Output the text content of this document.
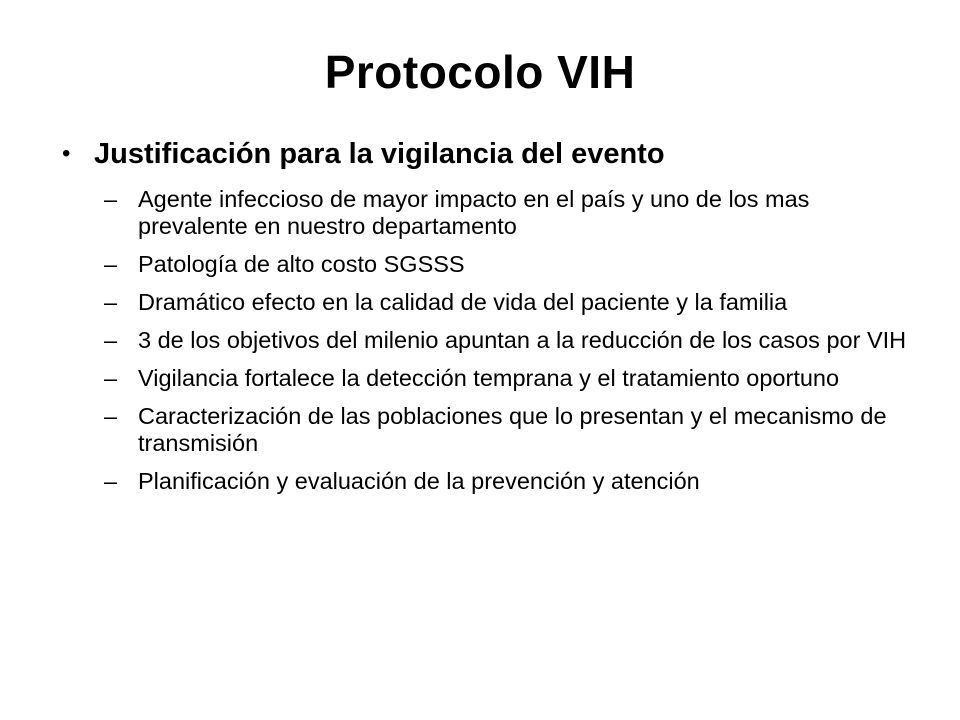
Protocolo VIH
• Justificación para la vigilancia del evento
– Agente infeccioso de mayor impacto en el país y uno de los mas prevalente en nuestro departamento
– Patología de alto costo SGSSS
– Dramático efecto en la calidad de vida del paciente y la familia
– 3 de los objetivos del milenio apuntan a la reducción de los casos por VIH
– Vigilancia fortalece la detección temprana y el tratamiento oportuno
– Caracterización de las poblaciones que lo presentan y el mecanismo de transmisión
– Planificación y evaluación de la prevención y atención
